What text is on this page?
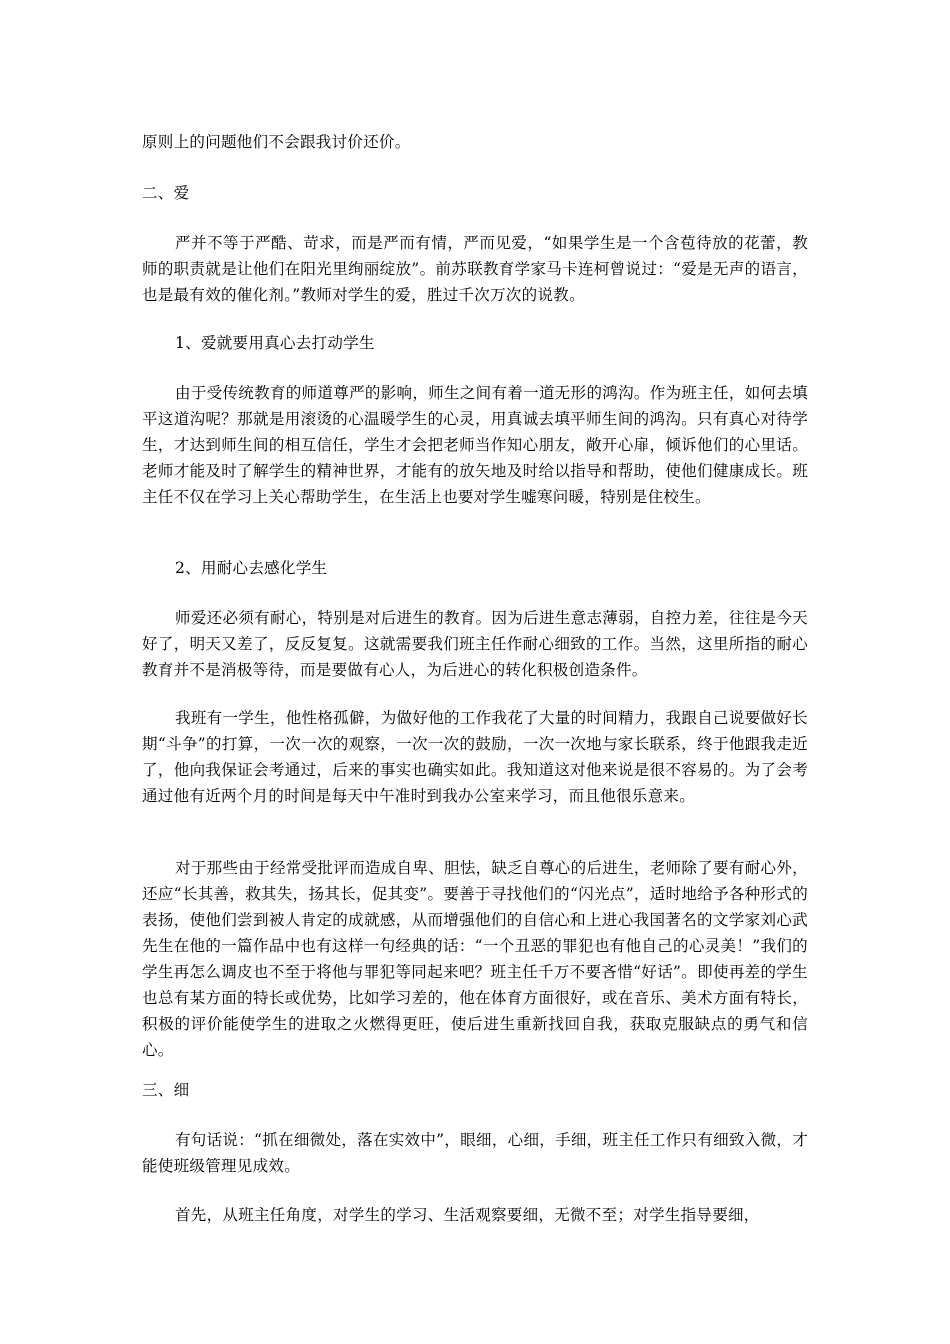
原则上的问题他们不会跟我讨价还价。

二、爱

严并不等于严酷、苛求，而是严而有情，严而见爱，“如果学生是一个含苞待放的花蕾，教师的职责就是让他们在阳光里绚丽绽放”。前苏联教育学家马卡连柯曾说过：“爱是无声的语言，也是最有效的催化剂。”教师对学生的爱，胜过千次万次的说教。

1、爱就要用真心去打动学生

由于受传统教育的师道尊严的影响，师生之间有着一道无形的鸿沟。作为班主任，如何去填平这道沟呢？那就是用滚烫的心温暖学生的心灵，用真诚去填平师生间的鸿沟。只有真心对待学生，才达到师生间的相互信任，学生才会把老师当作知心朋友，敞开心扉，倾诉他们的心里话。老师才能及时了解学生的精神世界，才能有的放矢地及时给以指导和帮助，使他们健康成长。班主任不仅在学习上关心帮助学生，在生活上也要对学生嘘寒问暖，特别是住校生。

2、用耐心去感化学生

师爱还必须有耐心，特别是对后进生的教育。因为后进生意志薄弱，自控力差，往往是今天好了，明天又差了，反反复复。这就需要我们班主任作耐心细致的工作。当然，这里所指的耐心教育并不是消极等待，而是要做有心人，为后进心的转化积极创造条件。

我班有一学生，他性格孤僻，为做好他的工作我花了大量的时间精力，我跟自己说要做好长期“斗争”的打算，一次一次的观察，一次一次的鼓励，一次一次地与家长联系，终于他跟我走近了，他向我保证会考通过，后来的事实也确实如此。我知道这对他来说是很不容易的。为了会考通过他有近两个月的时间是每天中午准时到我办公室来学习，而且他很乐意来。

对于那些由于经常受批评而造成自卑、胆怯，缺乏自尊心的后进生，老师除了要有耐心外，还应“长其善，救其失，扬其长，促其变”。要善于寻找他们的“闪光点”，适时地给予各种形式的表扬，使他们尝到被人肯定的成就感，从而增强他们的自信心和上进心我国著名的文学家刘心武先生在他的一篇作品中也有这样一句经典的话：“一个丑恶的罪犯也有他自己的心灵美！”我们的学生再怎么调皮也不至于将他与罪犯等同起来吧？班主任千万不要吝惜“好话”。即使再差的学生也总有某方面的特长或优势，比如学习差的，他在体育方面很好，或在音乐、美术方面有特长，积极的评价能使学生的进取之火燃得更旺，使后进生重新找回自我，获取克服缺点的勇气和信心。

三、细

有句话说：“抓在细微处，落在实效中”，眼细，心细，手细，班主任工作只有细致入微，才能使班级管理见成效。

首先，从班主任角度，对学生的学习、生活观察要细，无微不至；对学生指导要细，
